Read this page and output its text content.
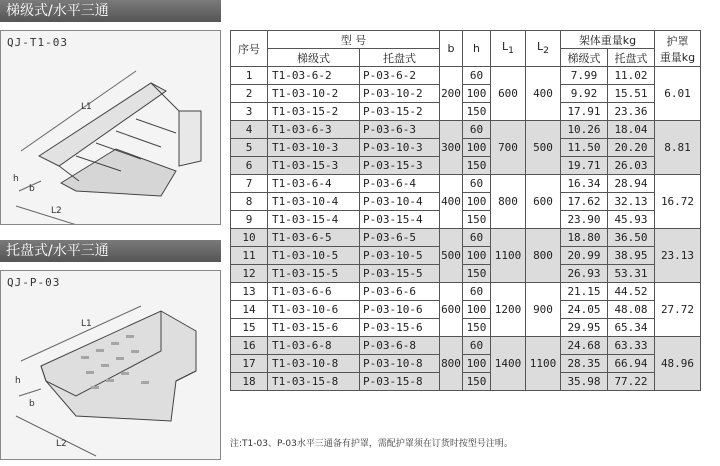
梯级式/水平三通
QJ-T1-03
L1
b
L2
h
托盘式/水平三通
QJ-P-03
L1
b
L2
h
序号	型 号		b	h	$L_1$	$L_2$	架体重量kg		护罩
重量kg

	梯级式	托盘式					梯级式	托盘式	
1	T1-03-6-2	P-03-6-2	200	60	600	400	7.99	11.02	6.01
2	T1-03-10-2	P-03-10-2		100			9.92	15.51	
3	T1-03-15-2	P-03-15-2		150			17.91	23.36	
4	T1-03-6-3	P-03-6-3	300	60	700	500	10.26	18.04	8.81
5	T1-03-10-3	P-03-10-3		100			11.50	20.20	
6	T1-03-15-3	P-03-15-3		150			19.71	26.03	
7	T1-03-6-4	P-03-6-4	400	60	800	600	16.34	28.94	16.72
8	T1-03-10-4	P-03-10-4		100			17.62	32.13	
9	T1-03-15-4	P-03-15-4		150			23.90	45.93	
10	T1-03-6-5	P-03-6-5	500	60	1100	800	18.80	36.50	23.13
11	T1-03-10-5	P-03-10-5		100			20.99	38.95	
12	T1-03-15-5	P-03-15-5		150			26.93	53.31	
13	T1-03-6-6	P-03-6-6	600	60	1200	900	21.15	44.52	27.72
14	T1-03-10-6	P-03-10-6		100			24.05	48.08	
15	T1-03-15-6	P-03-15-6		150			29.95	65.34	
16	T1-03-6-8	P-03-6-8	800	60	1400	1100	24.68	63.33	48.96
17	T1-03-10-8	P-03-10-8		100			28.35	66.94	
18	T1-03-15-8	P-03-15-8		150			35.98	77.22	
注:T1-03、P-03水平三通备有护罩，需配护罩须在订货时按型号注明。
